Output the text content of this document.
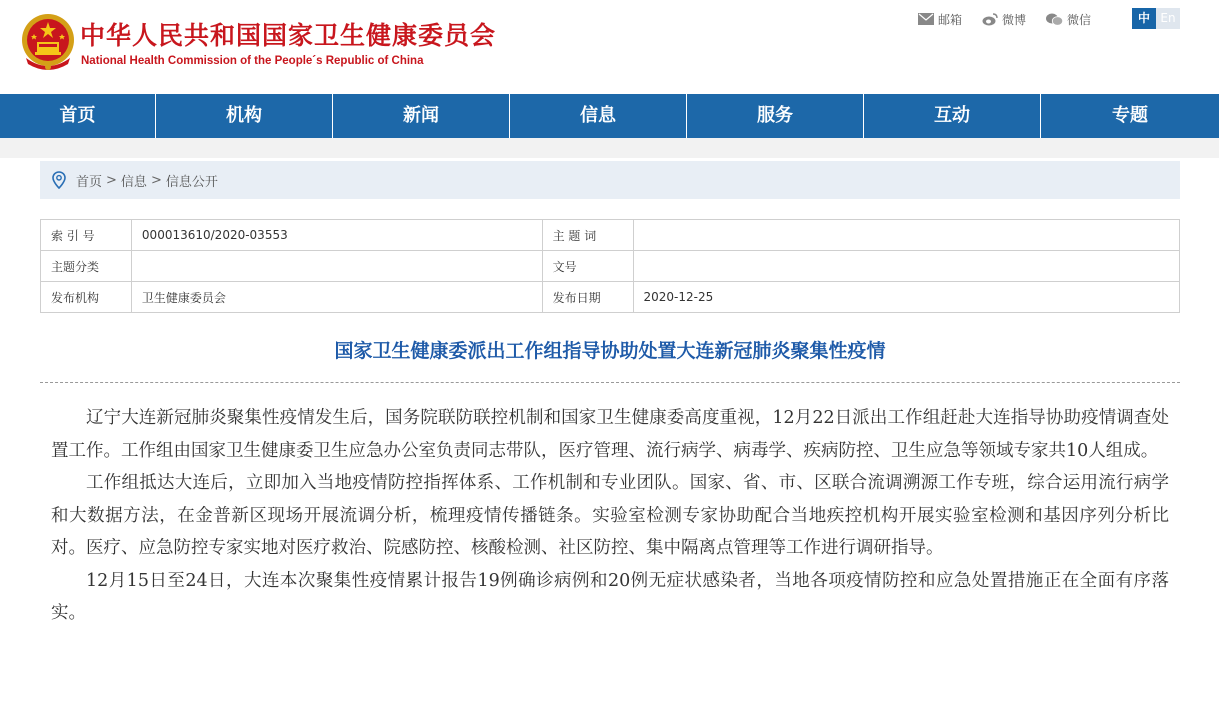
中华人民共和国国家卫生健康委员会
National Health Commission of the People´s Republic of China
邮箱	微博	微信	中 En
首页	机构	新闻	信息	服务	互动	专题
首页 > 信息 > 信息公开
索 引 号	000013610/2020-03553	主 题 词	
主题分类		文号	
发布机构	卫生健康委员会	发布日期	2020-12-25
国家卫生健康委派出工作组指导协助处置大连新冠肺炎聚集性疫情

辽宁大连新冠肺炎聚集性疫情发生后，国务院联防联控机制和国家卫生健康委高度重视，12月22日派出工作组赶赴大连指导协助疫情调查处置工作。工作组由国家卫生健康委卫生应急办公室负责同志带队，医疗管理、流行病学、病毒学、疾病防控、卫生应急等领域专家共10人组成。

工作组抵达大连后，立即加入当地疫情防控指挥体系、工作机制和专业团队。国家、省、市、区联合流调溯源工作专班，综合运用流行病学和大数据方法，在金普新区现场开展流调分析，梳理疫情传播链条。实验室检测专家协助配合当地疾控机构开展实验室检测和基因序列分析比对。医疗、应急防控专家实地对医疗救治、院感防控、核酸检测、社区防控、集中隔离点管理等工作进行调研指导。

12月15日至24日，大连本次聚集性疫情累计报告19例确诊病例和20例无症状感染者，当地各项疫情防控和应急处置措施正在全面有序落实。
